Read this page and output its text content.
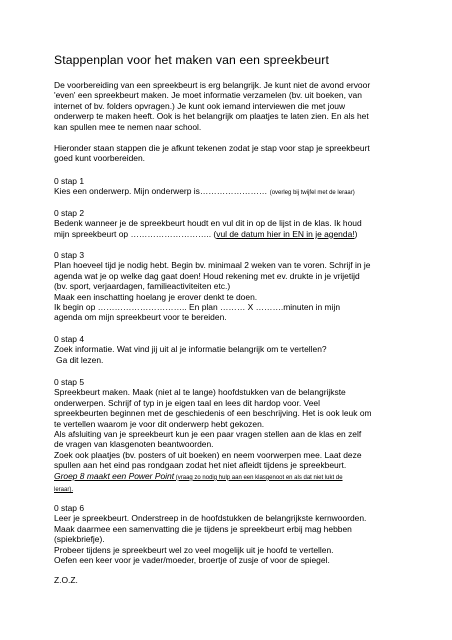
Stappenplan voor het maken van een spreekbeurt
De voorbereiding van een spreekbeurt is erg belangrijk. Je kunt niet de avond ervoor
'even' een spreekbeurt maken. Je moet informatie verzamelen (bv. uit boeken, van
internet of bv. folders opvragen.) Je kunt ook iemand interviewen die met jouw
onderwerp te maken heeft. Ook is het belangrijk om plaatjes te laten zien. En als het
kan spullen mee te nemen naar school.
Hieronder staan stappen die je afkunt tekenen zodat je stap voor stap je spreekbeurt
goed kunt voorbereiden.
0 stap 1
Kies een onderwerp. Mijn onderwerp is…………………… (overleg bij twijfel met de leraar)
0 stap 2
Bedenk wanneer je de spreekbeurt houdt en vul dit in op de lijst in de klas. Ik houd
mijn spreekbeurt op ……………………….. (vul de datum hier in EN in je agenda!)
0 stap 3
Plan hoeveel tijd je nodig hebt. Begin bv. minimaal 2 weken van te voren. Schrijf in je
agenda wat je op welke dag gaat doen! Houd rekening met ev. drukte in je vrijetijd
(bv. sport, verjaardagen, familieactiviteiten etc.)
Maak een inschatting hoelang je erover denkt te doen.
Ik begin op ………………………….. En plan ……… X ……….minuten in mijn
agenda om mijn spreekbeurt voor te bereiden.
0 stap 4
Zoek informatie. Wat vind jij uit al je informatie belangrijk om te vertellen?
Ga dit lezen.
0 stap 5
Spreekbeurt maken. Maak (niet al te lange) hoofdstukken van de belangrijkste
onderwerpen. Schrijf of typ in je eigen taal en lees dit hardop voor. Veel
spreekbeurten beginnen met de geschiedenis of een beschrijving. Het is ook leuk om
te vertellen waarom je voor dit onderwerp hebt gekozen.
Als afsluiting van je spreekbeurt kun je een paar vragen stellen aan de klas en zelf
de vragen van klasgenoten beantwoorden.
Zoek ook plaatjes (bv. posters of uit boeken) en neem voorwerpen mee. Laat deze
spullen aan het eind pas rondgaan zodat het niet afleidt tijdens je spreekbeurt.
Groep 8 maakt een Power Point (vraag zo nodig hulp aan een klasgenoot en als dat niet lukt de
leraar).
0 stap 6
Leer je spreekbeurt. Onderstreep in de hoofdstukken de belangrijkste kernwoorden.
Maak daarmee een samenvatting die je tijdens je spreekbeurt erbij mag hebben
(spiekbriefje).
Probeer tijdens je spreekbeurt wel zo veel mogelijk uit je hoofd te vertellen.
Oefen een keer voor je vader/moeder, broertje of zusje of voor de spiegel.
Z.O.Z.
